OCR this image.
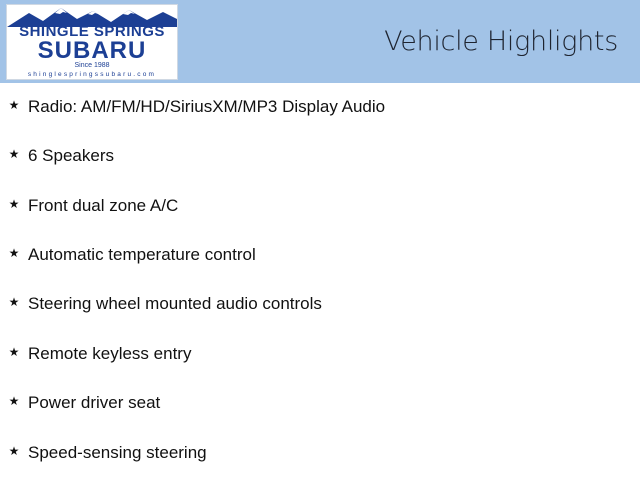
SHINGLE SPRINGS
SUBARU
Since 1988
shinglespringssubaru.com
Vehicle Highlights
★ Radio: AM/FM/HD/SiriusXM/MP3 Display Audio
★ 6 Speakers
★ Front dual zone A/C
★ Automatic temperature control
★ Steering wheel mounted audio controls
★ Remote keyless entry
★ Power driver seat
★ Speed-sensing steering
